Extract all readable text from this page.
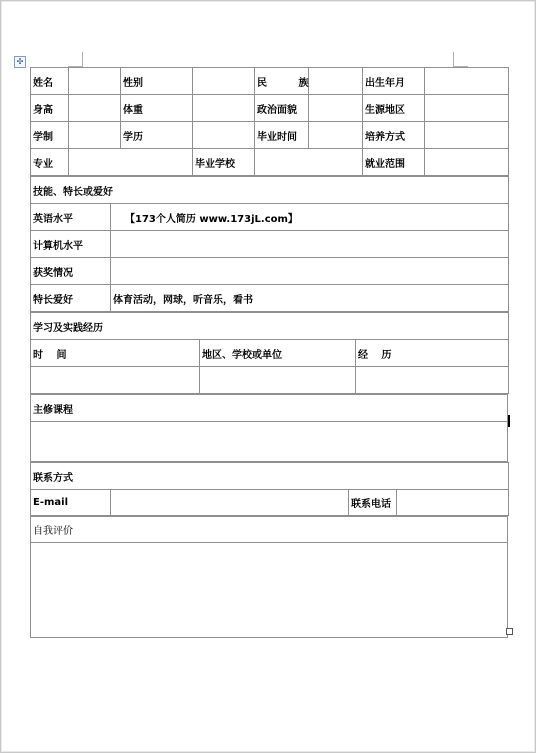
✣
姓名		性别		民 族		出生年月	
身高		体重		政治面貌		生源地区	
学制		学历		毕业时间		培养方式	
专业			毕业学校			就业范围	
技能、特长或爱好	
英语水平	【173个人简历 www.173jL.com】
计算机水平	
获奖情况	
特长爱好	体育活动，网球，听音乐，看书
学习及实践经历		
时 间	地区、学校或单位	经 历

主修课程

联系方式
E-mail		联系电话	
自我评价
